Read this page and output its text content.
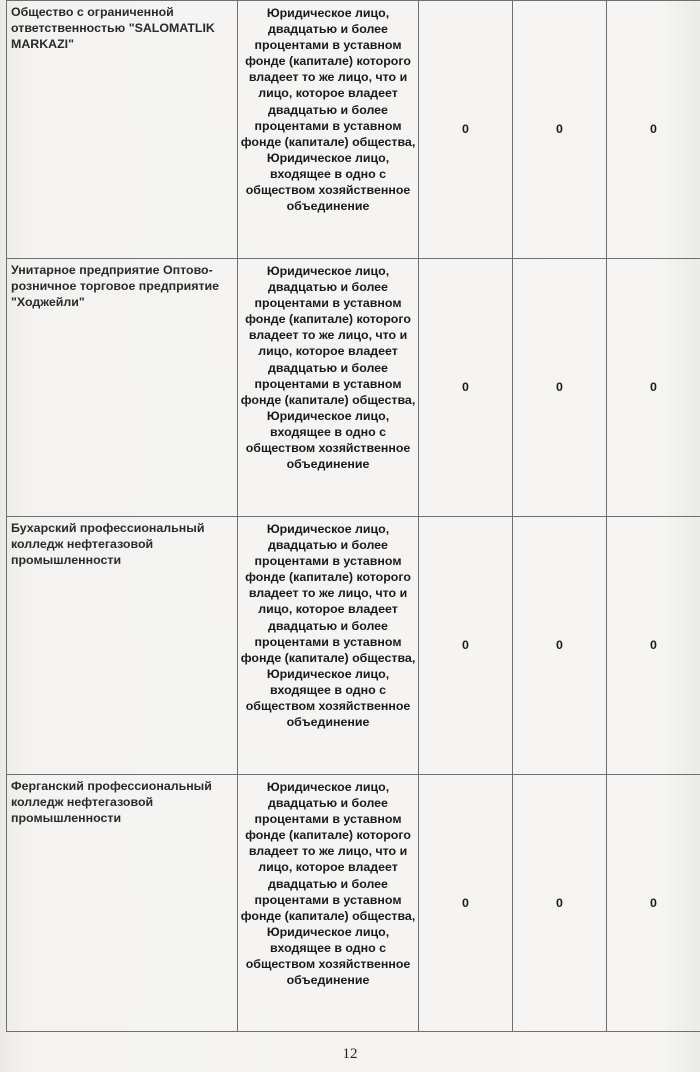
Общество с ограниченной ответственностью "SALOMATLIK MARKAZI"	Юридическое лицо, двадцатью и более процентами в уставном фонде (капитале) которого владеет то же лицо, что и лицо, которое владеет двадцатью и более процентами в уставном фонде (капитале) общества, Юридическое лицо, входящее в одно с обществом хозяйственное объединение	0	0	0

Унитарное предприятие Оптово-розничное торговое предприятие "Ходжейли"	Юридическое лицо, двадцатью и более процентами в уставном фонде (капитале) которого владеет то же лицо, что и лицо, которое владеет двадцатью и более процентами в уставном фонде (капитале) общества, Юридическое лицо, входящее в одно с обществом хозяйственное объединение	0	0	0

Бухарский профессиональный колледж нефтегазовой промышленности	Юридическое лицо, двадцатью и более процентами в уставном фонде (капитале) которого владеет то же лицо, что и лицо, которое владеет двадцатью и более процентами в уставном фонде (капитале) общества, Юридическое лицо, входящее в одно с обществом хозяйственное объединение	0	0	0

Ферганский профессиональный колледж нефтегазовой промышленности	Юридическое лицо, двадцатью и более процентами в уставном фонде (капитале) которого владеет то же лицо, что и лицо, которое владеет двадцатью и более процентами в уставном фонде (капитале) общества, Юридическое лицо, входящее в одно с обществом хозяйственное объединение	0	0	0
12
